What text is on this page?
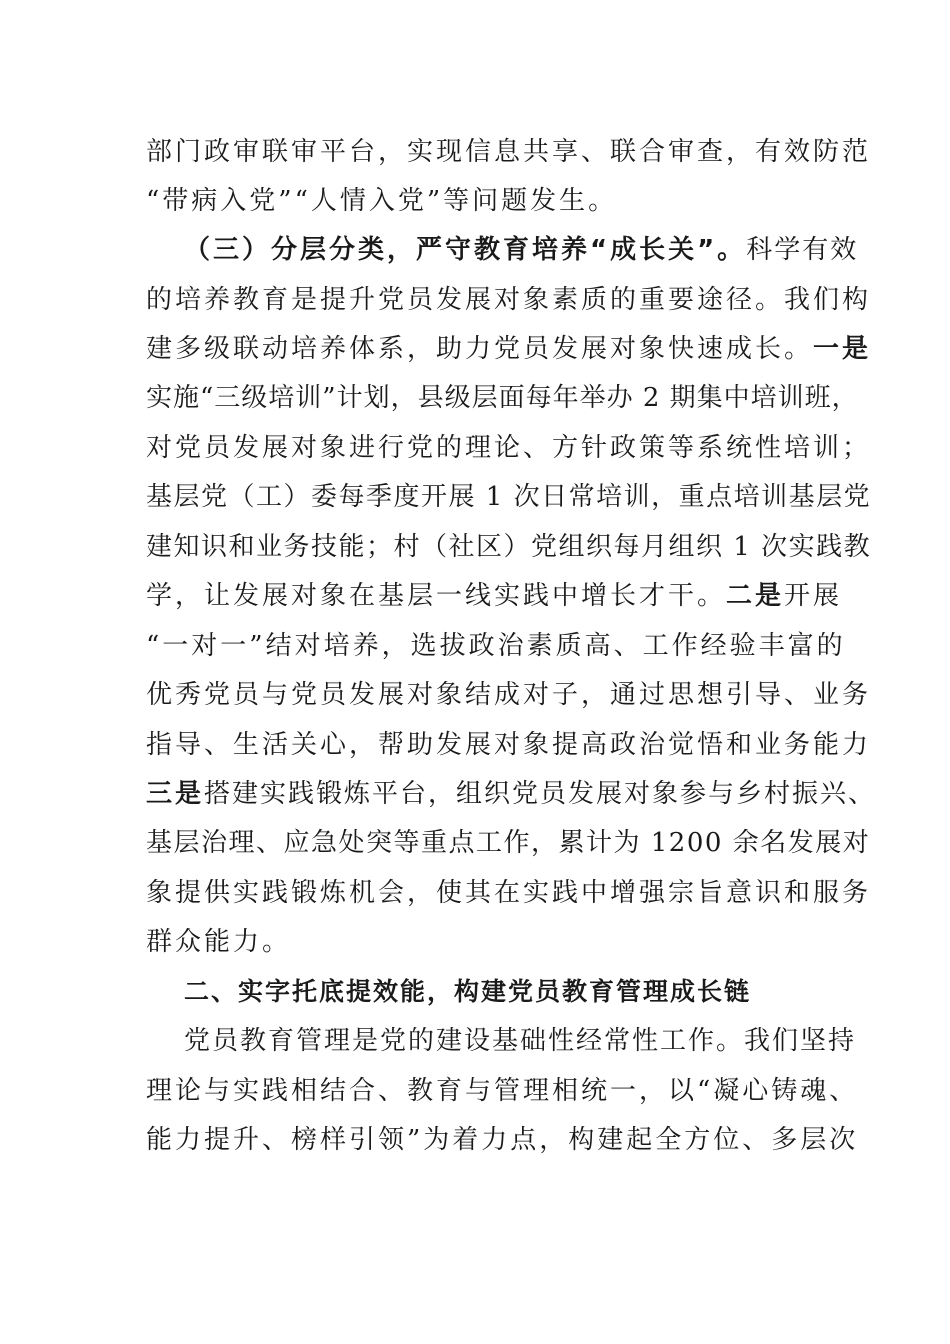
部门政审联审平台，实现信息共享、联合审查，有效防范
“带病入党”“人情入党”等问题发生。
（三）分层分类，严守教育培养“成长关”。科学有效
的培养教育是提升党员发展对象素质的重要途径。我们构
建多级联动培养体系，助力党员发展对象快速成长。一是
实施“三级培训”计划，县级层面每年举办 2 期集中培训班，
对党员发展对象进行党的理论、方针政策等系统性培训；
基层党（工）委每季度开展 1 次日常培训，重点培训基层党
建知识和业务技能；村（社区）党组织每月组织 1 次实践教
学，让发展对象在基层一线实践中增长才干。二是开展
“一对一”结对培养，选拔政治素质高、工作经验丰富的
优秀党员与党员发展对象结成对子，通过思想引导、业务
指导、生活关心，帮助发展对象提高政治觉悟和业务能力
三是搭建实践锻炼平台，组织党员发展对象参与乡村振兴、
基层治理、应急处突等重点工作，累计为 1200 余名发展对
象提供实践锻炼机会，使其在实践中增强宗旨意识和服务
群众能力。
二、实字托底提效能，构建党员教育管理成长链
党员教育管理是党的建设基础性经常性工作。我们坚持
理论与实践相结合、教育与管理相统一，以“凝心铸魂、
能力提升、榜样引领”为着力点，构建起全方位、多层次
